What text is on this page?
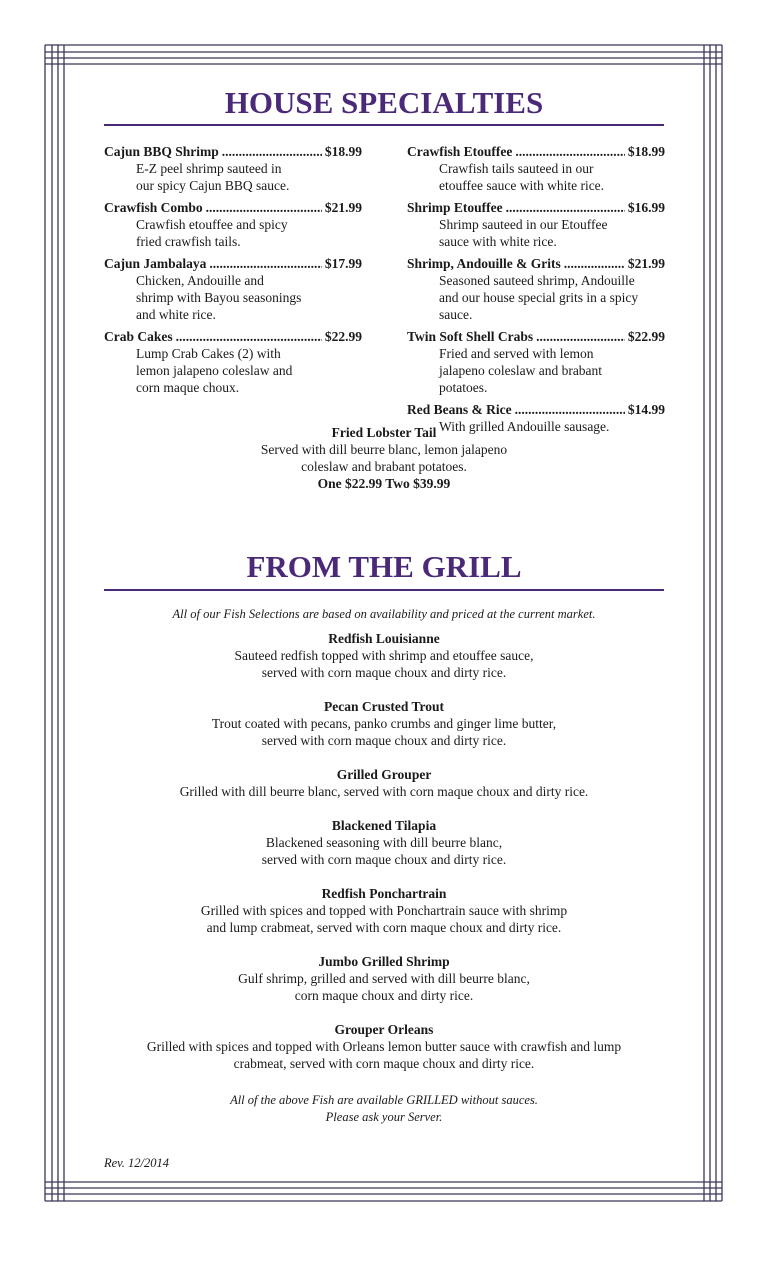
HOUSE SPECIALTIES
Cajun BBQ Shrimp .....	$18.99
E-Z peel shrimp sauteed in
our spicy Cajun BBQ sauce.
Crawfish Combo .....	$21.99
Crawfish etouffee and spicy
fried crawfish tails.
Cajun Jambalaya .....	$17.99
Chicken, Andouille and
shrimp with Bayou seasonings
and white rice.
Crab Cakes .....	$22.99
Lump Crab Cakes (2) with
lemon jalapeno coleslaw and
corn maque choux.
Crawfish Etouffee .....	$18.99
Crawfish tails sauteed in our
etouffee sauce with white rice.
Shrimp Etouffee .....	$16.99
Shrimp sauteed in our Etouffee
sauce with white rice.
Shrimp, Andouille & Grits .....	$21.99
Seasoned sauteed shrimp, Andouille
and our house special grits in a spicy sauce.
Twin Soft Shell Crabs .....	$22.99
Fried and served with lemon
jalapeno coleslaw and brabant
potatoes.
Red Beans & Rice .....	$14.99
With grilled Andouille sausage.
Fried Lobster Tail
Served with dill beurre blanc, lemon jalapeno
coleslaw and brabant potatoes.
One $22.99 Two $39.99
FROM THE GRILL
All of our Fish Selections are based on availability and priced at the current market.
Redfish Louisianne
Sauteed redfish topped with shrimp and etouffee sauce,
served with corn maque choux and dirty rice.
Pecan Crusted Trout
Trout coated with pecans, panko crumbs and ginger lime butter,
served with corn maque choux and dirty rice.
Grilled Grouper
Grilled with dill beurre blanc, served with corn maque choux and dirty rice.
Blackened Tilapia
Blackened seasoning with dill beurre blanc,
served with corn maque choux and dirty rice.
Redfish Ponchartrain
Grilled with spices and topped with Ponchartrain sauce with shrimp
and lump crabmeat, served with corn maque choux and dirty rice.
Jumbo Grilled Shrimp
Gulf shrimp, grilled and served with dill beurre blanc,
corn maque choux and dirty rice.
Grouper Orleans
Grilled with spices and topped with Orleans lemon butter sauce with crawfish and lump
crabmeat, served with corn maque choux and dirty rice.
All of the above Fish are available GRILLED without sauces.
Please ask your Server.
Rev. 12/2014
